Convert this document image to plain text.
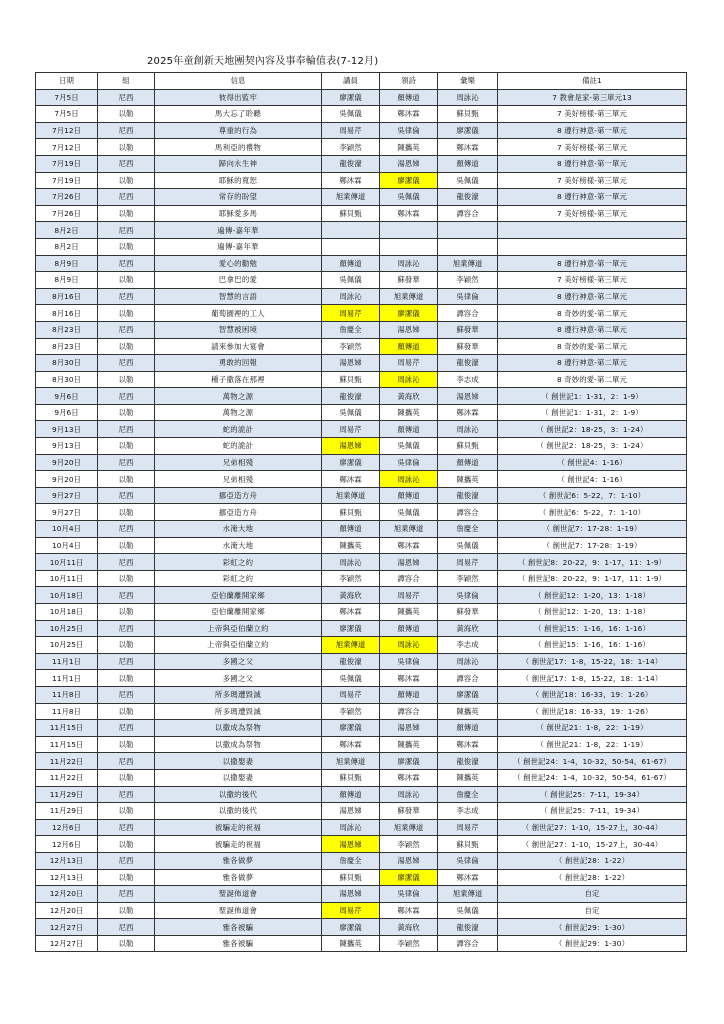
2025年童創新天地團契內容及事奉輪值表(7-12月)
日期	組	信息	講員	領詩	彙樂	備註1
7月5日	尼西	彼得出監牢	廖潔儀	顏傳道	周詠沁	7 教會是家-第三單元13
7月5日	以勒	馬大忘了聆聽	吳佩儀	鄭沐霖	蘇貝甄	7 美好榜樣-第三單元
7月12日	尼西	尊重的行為	周易芹	吳律倫	廖潔儀	8 遵行神意-第一單元
7月12日	以勒	馬利亞的禮物	李穎然	陳攜英	鄭沐霖	7 美好榜樣-第三單元
7月19日	尼西	歸向永生神	龍俊濠	湯恩娣	顏傳道	8 遵行神意-第一單元
7月19日	以勒	耶穌的寬恕	鄭沐霖	廖潔儀	吳佩儀	7 美好榜樣-第三單元
7月26日	尼西	常存的盼望	旭業傳道	吳佩儀	龍俊濠	8 遵行神意-第一單元
7月26日	以勒	耶穌愛多馬	蘇貝甄	鄭沐霖	譚容合	7 美好榜樣-第三單元
8月2日	尼西	遍傳-嘉年華				
8月2日	以勒	遍傳-嘉年華				
8月9日	尼西	愛心的勸勉	顏傳道	周詠沁	旭業傳道	8 遵行神意-第一單元
8月9日	以勒	巴拿巴的愛	吳佩儀	蘇發華	李穎然	7 美好榜樣-第三單元
8月16日	尼西	智慧的言語	周詠沁	旭業傳道	吳律倫	8 遵行神意-第二單元
8月16日	以勒	葡萄園裡的工人	周易芹	廖潔儀	譚容合	8 奇妙的愛-第二單元
8月23日	尼西	智慧被困境	詹慶全	湯恩娣	蘇發華	8 遵行神意-第二單元
8月23日	以勒	請來參加大宴會	李穎然	顏傳道	蘇發華	8 奇妙的愛-第二單元
8月30日	尼西	勇敢的回報	湯恩娣	周易芹	龍俊濠	8 遵行神意-第二單元
8月30日	以勒	種子撒落在那裡	蘇貝甄	周詠沁	李志成	8 奇妙的愛-第二單元
9月6日	尼西	萬物之源	龍俊濠	黃海欣	湯恩娣	（ 創世記1：1-31，2：1-9）
9月6日	以勒	萬物之源	吳佩儀	陳攜英	鄭沐霖	（ 創世記1：1-31，2：1-9）
9月13日	尼西	蛇的詭計	周易芹	顏傳道	周詠沁	（ 創世記2：18-25，3：1-24）
9月13日	以勒	蛇的詭計	湯恩娣	吳佩儀	蘇貝甄	（ 創世記2：18-25，3：1-24）
9月20日	尼西	兄弟相殘	廖潔儀	吳律倫	顏傳道	（ 創世記4：1-16）
9月20日	以勒	兄弟相殘	鄭沐霖	周詠沁	陳攜英	（ 創世記4：1-16）
9月27日	尼西	挪亞造方舟	旭業傳道	顏傳道	龍俊濠	（ 創世記6：5-22，7：1-10）
9月27日	以勒	挪亞造方舟	蘇貝甄	吳佩儀	譚容合	（ 創世記6：5-22，7：1-10）
10月4日	尼西	水淹大地	顏傳道	旭業傳道	詹慶全	（ 創世記7：17-28：1-19）
10月4日	以勒	水淹大地	陳攜英	鄭沐霖	吳佩儀	（ 創世記7：17-28：1-19）
10月11日	尼西	彩虹之約	周詠沁	湯恩娣	周易芹	（ 創世記8：20-22，9：1-17，11：1-9）
10月11日	以勒	彩虹之約	李穎然	譚容合	李穎然	（ 創世記8：20-22，9：1-17，11：1-9）
10月18日	尼西	亞伯蘭離開家鄉	黃海欣	周易芹	吳律倫	（ 創世記12：1-20，13：1-18）
10月18日	以勒	亞伯蘭離開家鄉	鄭沐霖	陳攜英	蘇發華	（ 創世記12：1-20，13：1-18）
10月25日	尼西	上帝與亞伯蘭立約	廖潔儀	顏傳道	黃海欣	（ 創世記15：1-16，16：1-16）
10月25日	以勒	上帝與亞伯蘭立約	旭業傳道	周詠沁	李志成	（ 創世記15：1-16，16：1-16）
11月1日	尼西	多國之父	龍俊濠	吳律倫	周詠沁	（ 創世記17：1-8，15-22，18：1-14）
11月1日	以勒	多國之父	吳佩儀	鄭沐霖	譚容合	（ 創世記17：1-8，15-22，18：1-14）
11月8日	尼西	所多瑪遭毀滅	周易芹	顏傳道	廖潔儀	（ 創世記18：16-33，19：1-26）
11月8日	以勒	所多瑪遭毀滅	李穎然	譚容合	陳攜英	（ 創世記18：16-33，19：1-26）
11月15日	尼西	以撒成為祭物	廖潔儀	湯恩娣	顏傳道	（ 創世記21：1-8，22：1-19）
11月15日	以勒	以撒成為祭物	鄭沐霖	陳攜英	鄭沐霖	（ 創世記21：1-8，22：1-19）
11月22日	尼西	以撒娶妻	旭業傳道	廖潔儀	龍俊濠	（ 創世記24：1-4，10-32，50-54，61-67）
11月22日	以勒	以撒娶妻	蘇貝甄	鄭沐霖	陳攜英	（ 創世記24：1-4，10-32，50-54，61-67）
11月29日	尼西	以撒的後代	顏傳道	周詠沁	詹慶全	（ 創世記25：7-11，19-34）
11月29日	以勒	以撒的後代	湯恩娣	蘇發華	李志成	（ 創世記25：7-11，19-34）
12月6日	尼西	被騙走的祝福	周詠沁	旭業傳道	周易芹	（ 創世記27：1-10，15-27上，30-44）
12月6日	以勒	被騙走的祝福	湯恩娣	李穎然	蘇貝甄	（ 創世記27：1-10，15-27上，30-44）
12月13日	尼西	雅各做夢	詹慶全	湯恩娣	吳律倫	（ 創世記28：1-22）
12月13日	以勒	雅各做夢	蘇貝甄	廖潔儀	鄭沐霖	（ 創世記28：1-22）
12月20日	尼西	聖誕佈道會	湯恩娣	吳律倫	旭業傳道	自定
12月20日	以勒	聖誕佈道會	周易芹	鄭沐霖	吳佩儀	自定
12月27日	尼西	雅各被騙	廖潔儀	黃海欣	龍俊濠	（ 創世記29：1-30）
12月27日	以勒	雅各被騙	陳攜英	李穎然	譚容合	（ 創世記29：1-30）
